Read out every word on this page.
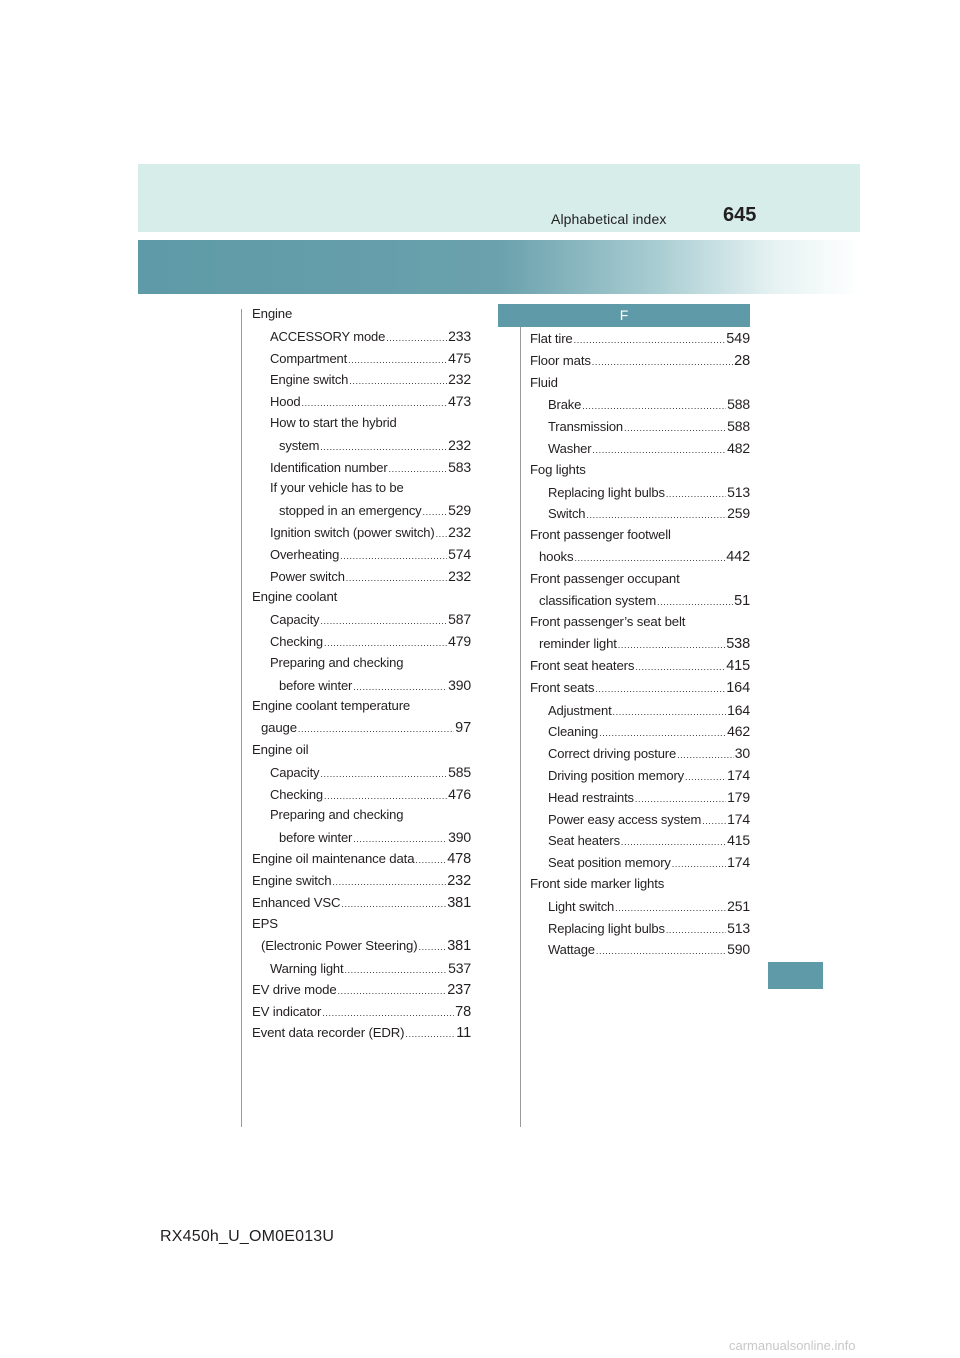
Alphabetical index	645
F
Engine
ACCESSORY mode .....	233
Compartment .....	475
Engine switch .....	232
Hood .....	473
How to start the hybrid
system .....	232
Identification number .....	583
If your vehicle has to be
stopped in an emergency ..... 529
Ignition switch (power switch) ..... 232
Overheating .....	574
Power switch .....	232
Engine coolant
Capacity .....	587
Checking .....	479
Preparing and checking
before winter .....	390
Engine coolant temperature
gauge .....	97
Engine oil
Capacity .....	585
Checking .....	476
Preparing and checking
before winter .....	390
Engine oil maintenance data ..... 478
Engine switch .....	232
Enhanced VSC .....	381
EPS
(Electronic Power Steering) ..... 381
Warning light .....	537
EV drive mode .....	237
EV indicator .....	78
Event data recorder (EDR) .....	11
Flat tire .....	549
Floor mats .....	28
Fluid
Brake .....	588
Transmission .....	588
Washer .....	482
Fog lights
Replacing light bulbs .....	513
Switch .....	259
Front passenger footwell
hooks .....	442
Front passenger occupant
classification system .....	51
Front passenger’s seat belt
reminder light .....	538
Front seat heaters .....	415
Front seats .....	164
Adjustment .....	164
Cleaning .....	462
Correct driving posture .....	30
Driving position memory .....	174
Head restraints .....	179
Power easy access system ..... 174
Seat heaters .....	415
Seat position memory .....	174
Front side marker lights
Light switch .....	251
Replacing light bulbs .....	513
Wattage .....	590
RX450h_U_OM0E013U
carmanualsonline.info
